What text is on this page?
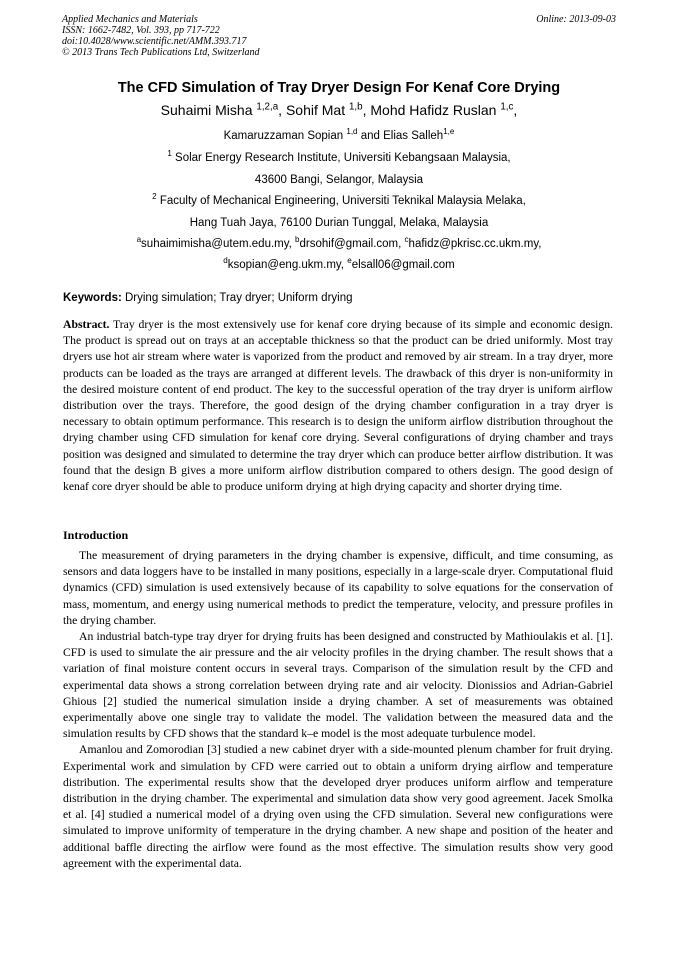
Applied Mechanics and Materials
ISSN: 1662-7482, Vol. 393, pp 717-722
doi:10.4028/www.scientific.net/AMM.393.717
© 2013 Trans Tech Publications Ltd, Switzerland
Online: 2013-09-03
The CFD Simulation of Tray Dryer Design For Kenaf Core Drying
Suhaimi Misha $^{1,2,a}$, Sohif Mat $^{1,b}$, Mohd Hafidz Ruslan $^{1,c}$,
Kamaruzzaman Sopian $^{1,d}$ and Elias Salleh$^{1,e}$
$^1$ Solar Energy Research Institute, Universiti Kebangsaan Malaysia,
43600 Bangi, Selangor, Malaysia
$^2$ Faculty of Mechanical Engineering, Universiti Teknikal Malaysia Melaka,
Hang Tuah Jaya, 76100 Durian Tunggal, Melaka, Malaysia
$^a$suhaimimisha@utem.edu.my, $^b$drsohif@gmail.com, $^c$hafidz@pkrisc.cc.ukm.my,
$^d$ksopian@eng.ukm.my, $^e$elsall06@gmail.com
Keywords: Drying simulation; Tray dryer; Uniform drying
Abstract. Tray dryer is the most extensively use for kenaf core drying because of its simple and economic design. The product is spread out on trays at an acceptable thickness so that the product can be dried uniformly. Most tray dryers use hot air stream where water is vaporized from the product and removed by air stream. In a tray dryer, more products can be loaded as the trays are arranged at different levels. The drawback of this dryer is non-uniformity in the desired moisture content of end product. The key to the successful operation of the tray dryer is uniform airflow distribution over the trays. Therefore, the good design of the drying chamber configuration in a tray dryer is necessary to obtain optimum performance. This research is to design the uniform airflow distribution throughout the drying chamber using CFD simulation for kenaf core drying. Several configurations of drying chamber and trays position was designed and simulated to determine the tray dryer which can produce better airflow distribution. It was found that the design B gives a more uniform airflow distribution compared to others design. The good design of kenaf core dryer should be able to produce uniform drying at high drying capacity and shorter drying time.
Introduction

The measurement of drying parameters in the drying chamber is expensive, difficult, and time consuming, as sensors and data loggers have to be installed in many positions, especially in a large-scale dryer. Computational fluid dynamics (CFD) simulation is used extensively because of its capability to solve equations for the conservation of mass, momentum, and energy using numerical methods to predict the temperature, velocity, and pressure profiles in the drying chamber.

An industrial batch-type tray dryer for drying fruits has been designed and constructed by Mathioulakis et al. [1]. CFD is used to simulate the air pressure and the air velocity profiles in the drying chamber. The result shows that a variation of final moisture content occurs in several trays. Comparison of the simulation result by the CFD and experimental data shows a strong correlation between drying rate and air velocity. Dionissios and Adrian-Gabriel Ghious [2] studied the numerical simulation inside a drying chamber. A set of measurements was obtained experimentally above one single tray to validate the model. The validation between the measured data and the simulation results by CFD shows that the standard k–e model is the most adequate turbulence model.

Amanlou and Zomorodian [3] studied a new cabinet dryer with a side-mounted plenum chamber for fruit drying. Experimental work and simulation by CFD were carried out to obtain a uniform drying airflow and temperature distribution. The experimental results show that the developed dryer produces uniform airflow and temperature distribution in the drying chamber. The experimental and simulation data show very good agreement. Jacek Smolka et al. [4] studied a numerical model of a drying oven using the CFD simulation. Several new configurations were simulated to improve uniformity of temperature in the drying chamber. A new shape and position of the heater and additional baffle directing the airflow were found as the most effective. The simulation results show very good agreement with the experimental data.
